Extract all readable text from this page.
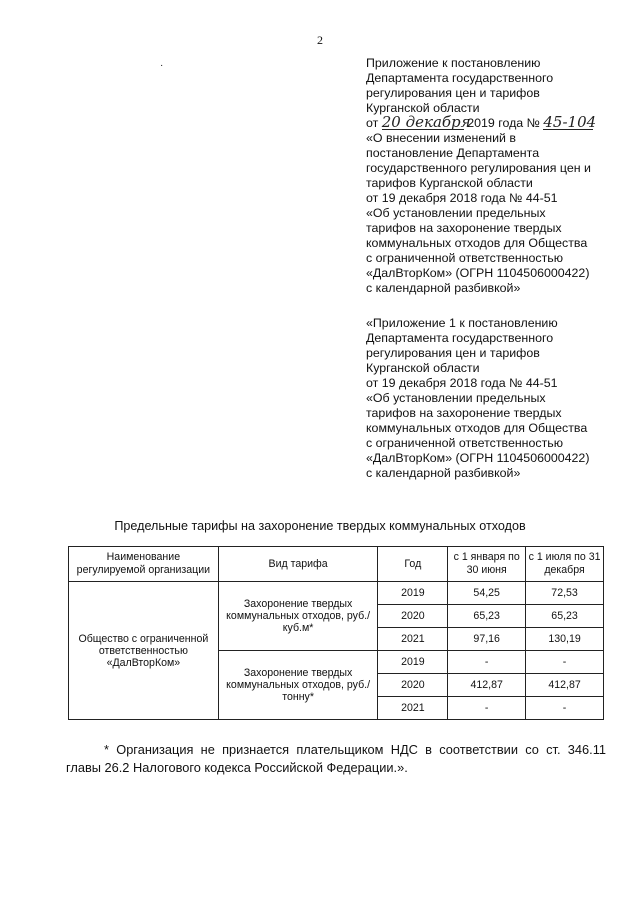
2
·	Приложение к постановлению
Департамента государственного
регулирования цен и тарифов
Курганской области
от 20 декабря 2019 года № 45-104
«О внесении изменений в
постановление Департамента
государственного регулирования цен и
тарифов Курганской области
от 19 декабря 2018 года № 44-51
«Об установлении предельных
тарифов на захоронение твердых
коммунальных отходов для Общества
с ограниченной ответственностью
«ДалВторКом» (ОГРН 1104506000422)
с календарной разбивкой»
«Приложение 1 к постановлению
Департамента государственного
регулирования цен и тарифов
Курганской области
от 19 декабря 2018 года № 44-51
«Об установлении предельных
тарифов на захоронение твердых
коммунальных отходов для Общества
с ограниченной ответственностью
«ДалВторКом» (ОГРН 1104506000422)
с календарной разбивкой»
Предельные тарифы на захоронение твердых коммунальных отходов
Наименование регулируемой организации	Вид тарифа	Год	с 1 января по 30 июня	с 1 июля по 31 декабря
Общество с ограниченной ответственностью «ДалВторКом»	Захоронение твердых коммунальных отходов, руб./куб.м*	2019	54,25	72,53
		2020	65,23	65,23
		2021	97,16	130,19
	Захоронение твердых коммунальных отходов, руб./тонну*	2019	-	-
		2020	412,87	412,87
		2021	-	-
* Организация не признается плательщиком НДС в соответствии со ст. 346.11 главы 26.2 Налогового кодекса Российской Федерации.».
